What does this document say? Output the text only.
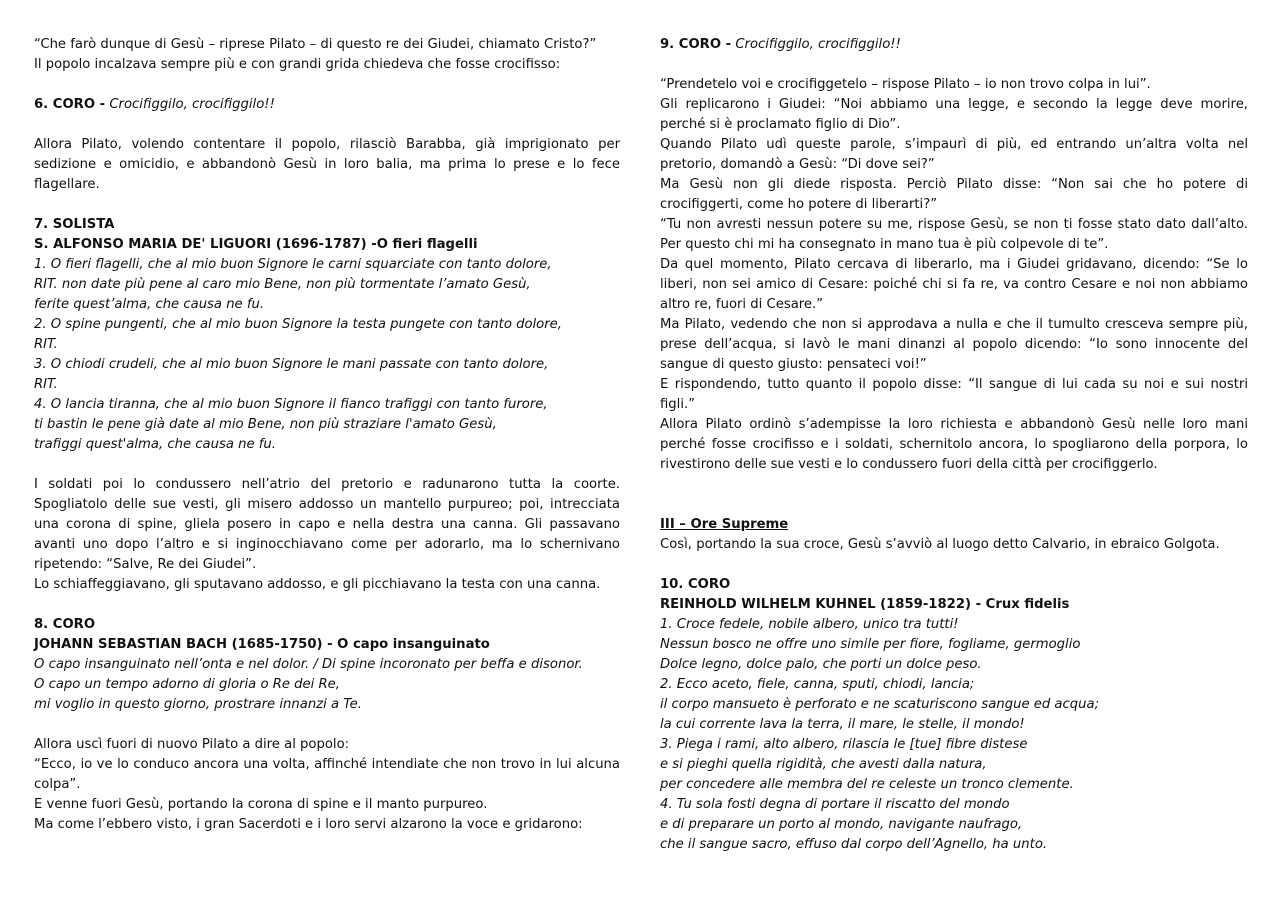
“Che farò dunque di Gesù – riprese Pilato – di questo re dei Giudei, chiamato Cristo?”

Il popolo incalzava sempre più e con grandi grida chiedeva che fosse crocifisso:

6. CORO - Crocifiggilo, crocifiggilo!!

Allora Pilato, volendo contentare il popolo, rilasciò Barabba, già imprigionato per sedizione e omicidio, e abbandonò Gesù in loro balia, ma prima lo prese e lo fece flagellare.

7. SOLISTA

S. ALFONSO MARIA DE' LIGUORI (1696-1787) -O fieri flagelli

1. O fieri flagelli, che al mio buon Signore le carni squarciate con tanto dolore,

RIT. non date più pene al caro mio Bene, non più tormentate l’amato Gesù,

ferite quest’alma, che causa ne fu.

2. O spine pungenti, che al mio buon Signore la testa pungete con tanto dolore,

RIT.

3. O chiodi crudeli, che al mio buon Signore le mani passate con tanto dolore,

RIT.

4. O lancia tiranna, che al mio buon Signore il fianco trafiggi con tanto furore,

ti bastin le pene già date al mio Bene, non più straziare l'amato Gesù,

trafiggi quest'alma, che causa ne fu.

I soldati poi lo condussero nell’atrio del pretorio e radunarono tutta la coorte. Spogliatolo delle sue vesti, gli misero addosso un mantello purpureo; poi, intrecciata una corona di spine, gliela posero in capo e nella destra una canna. Gli passavano avanti uno dopo l’altro e si inginocchiavano come per adorarlo, ma lo schernivano ripetendo: “Salve, Re dei Giudei”.

Lo schiaffeggiavano, gli sputavano addosso, e gli picchiavano la testa con una canna.

8. CORO

JOHANN SEBASTIAN BACH (1685-1750) - O capo insanguinato

O capo insanguinato nell’onta e nel dolor. / Di spine incoronato per beffa e disonor.

O capo un tempo adorno di gloria o Re dei Re,

mi voglio in questo giorno, prostrare innanzi a Te.

Allora uscì fuori di nuovo Pilato a dire al popolo:

“Ecco, io ve lo conduco ancora una volta, affinché intendiate che non trovo in lui alcuna colpa”.

E venne fuori Gesù, portando la corona di spine e il manto purpureo.

Ma come l’ebbero visto, i gran Sacerdoti e i loro servi alzarono la voce e gridarono:

9. CORO - Crocifiggilo, crocifiggilo!!

“Prendetelo voi e crocifiggetelo – rispose Pilato – io non trovo colpa in lui”.

Gli replicarono i Giudei: “Noi abbiamo una legge, e secondo la legge deve morire, perché si è proclamato figlio di Dio”.

Quando Pilato udì queste parole, s’impaurì di più, ed entrando un’altra volta nel pretorio, domandò a Gesù: “Di dove sei?”

Ma Gesù non gli diede risposta. Perciò Pilato disse: “Non sai che ho potere di crocifiggerti, come ho potere di liberarti?”

“Tu non avresti nessun potere su me, rispose Gesù, se non ti fosse stato dato dall’alto. Per questo chi mi ha consegnato in mano tua è più colpevole di te”.

Da quel momento, Pilato cercava di liberarlo, ma i Giudei gridavano, dicendo: “Se lo liberi, non sei amico di Cesare: poiché chi si fa re, va contro Cesare e noi non abbiamo altro re, fuori di Cesare.”

Ma Pilato, vedendo che non si approdava a nulla e che il tumulto cresceva sempre più, prese dell’acqua, si lavò le mani dinanzi al popolo dicendo: “Io sono innocente del sangue di questo giusto: pensateci voi!”

E rispondendo, tutto quanto il popolo disse: “Il sangue di lui cada su noi e sui nostri figli.”

Allora Pilato ordinò s’adempisse la loro richiesta e abbandonò Gesù nelle loro mani perché fosse crocifisso e i soldati, schernitolo ancora, lo spogliarono della porpora, lo rivestirono delle sue vesti e lo condussero fuori della città per crocifiggerlo.

III – Ore Supreme

Così, portando la sua croce, Gesù s’avviò al luogo detto Calvario, in ebraico Golgota.

10. CORO

REINHOLD WILHELM KUHNEL (1859-1822) - Crux fidelis

1. Croce fedele, nobile albero, unico tra tutti!

Nessun bosco ne offre uno simile per fiore, fogliame, germoglio

Dolce legno, dolce palo, che porti un dolce peso.

2. Ecco aceto, fiele, canna, sputi, chiodi, lancia;

il corpo mansueto è perforato e ne scaturiscono sangue ed acqua;

la cui corrente lava la terra, il mare, le stelle, il mondo!

3. Piega i rami, alto albero, rilascia le [tue] fibre distese

e si pieghi quella rigidità, che avesti dalla natura,

per concedere alle membra del re celeste un tronco clemente.

4. Tu sola fosti degna di portare il riscatto del mondo

e di preparare un porto al mondo, navigante naufrago,

che il sangue sacro, effuso dal corpo dell’Agnello, ha unto.
